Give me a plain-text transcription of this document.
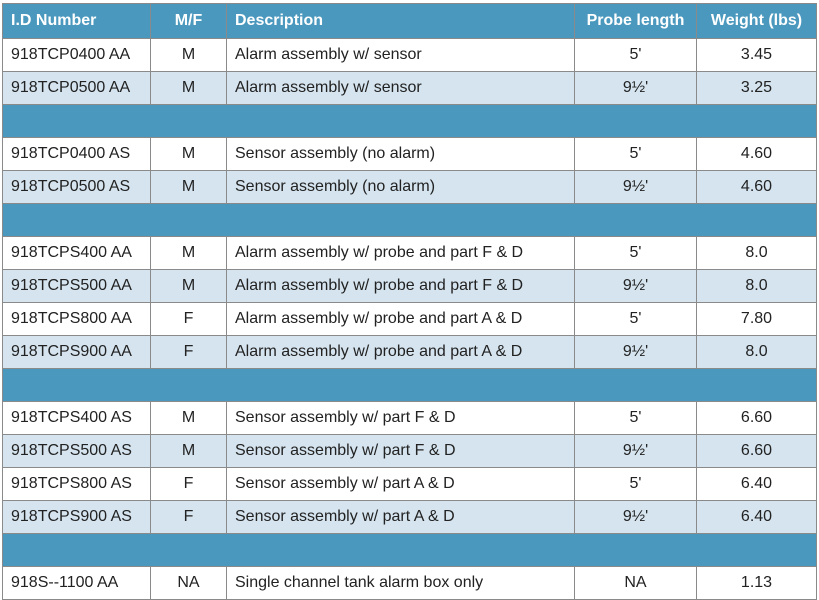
I.D Number	M/F	Description	Probe length	Weight (lbs)
918TCP0400 AA	M	Alarm assembly w/ sensor	5'	3.45
918TCP0500 AA	M	Alarm assembly w/ sensor	9½'	3.25

918TCP0400 AS	M	Sensor assembly (no alarm)	5'	4.60
918TCP0500 AS	M	Sensor assembly (no alarm)	9½'	4.60

918TCPS400 AA	M	Alarm assembly w/ probe and part F & D	5'	8.0
918TCPS500 AA	M	Alarm assembly w/ probe and part F & D	9½'	8.0
918TCPS800 AA	F	Alarm assembly w/ probe and part A & D	5'	7.80
918TCPS900 AA	F	Alarm assembly w/ probe and part A & D	9½'	8.0

918TCPS400 AS	M	Sensor assembly w/ part F & D	5'	6.60
918TCPS500 AS	M	Sensor assembly w/ part F & D	9½'	6.60
918TCPS800 AS	F	Sensor assembly w/ part A & D	5'	6.40
918TCPS900 AS	F	Sensor assembly w/ part A & D	9½'	6.40

918S--1100 AA	NA	Single channel tank alarm box only	NA	1.13
